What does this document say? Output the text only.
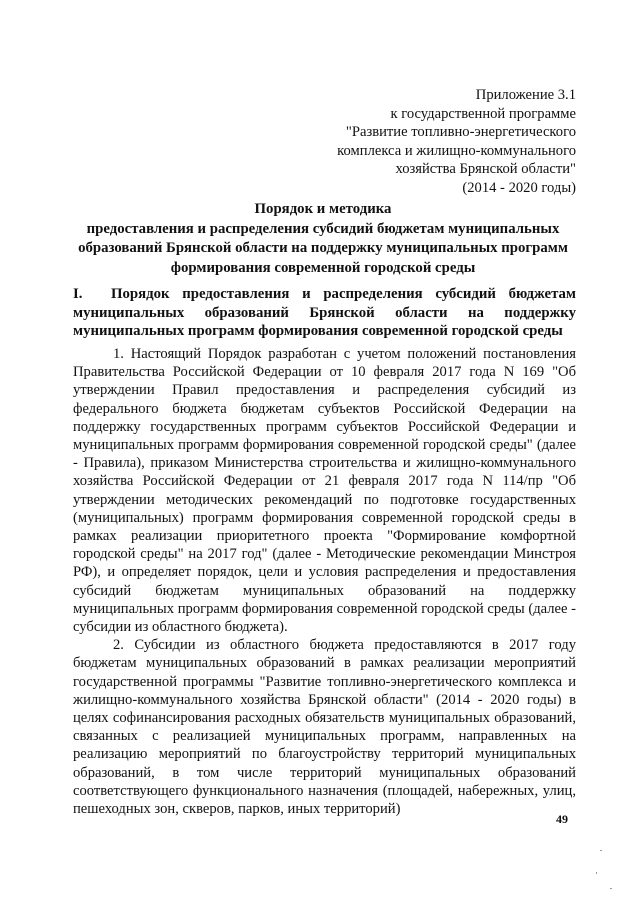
Приложение 3.1
к государственной программе
"Развитие топливно-энергетического
комплекса и жилищно-коммунального
хозяйства Брянской области"
(2014 - 2020 годы)
Порядок и методика
предоставления и распределения субсидий бюджетам муниципальных
образований Брянской области на поддержку муниципальных программ
формирования современной городской среды
I. Порядок предоставления и распределения субсидий бюджетам муниципальных образований Брянской области на поддержку муниципальных программ формирования современной городской среды

1. Настоящий Порядок разработан с учетом положений постановления Правительства Российской Федерации от 10 февраля 2017 года N 169 "Об утверждении Правил предоставления и распределения субсидий из федерального бюджета бюджетам субъектов Российской Федерации на поддержку государственных программ субъектов Российской Федерации и муниципальных программ формирования современной городской среды" (далее - Правила), приказом Министерства строительства и жилищно-коммунального хозяйства Российской Федерации от 21 февраля 2017 года N 114/пр "Об утверждении методических рекомендаций по подготовке государственных (муниципальных) программ формирования современной городской среды в рамках реализации приоритетного проекта "Формирование комфортной городской среды" на 2017 год" (далее - Методические рекомендации Минстроя РФ), и определяет порядок, цели и условия распределения и предоставления субсидий бюджетам муниципальных образований на поддержку муниципальных программ формирования современной городской среды (далее - субсидии из областного бюджета).

2. Субсидии из областного бюджета предоставляются в 2017 году бюджетам муниципальных образований в рамках реализации мероприятий государственной программы "Развитие топливно-энергетического комплекса и жилищно-коммунального хозяйства Брянской области" (2014 - 2020 годы) в целях софинансирования расходных обязательств муниципальных образований, связанных с реализацией муниципальных программ, направленных на реализацию мероприятий по благоустройству территорий муниципальных образований, в том числе территорий муниципальных образований соответствующего функционального назначения (площадей, набережных, улиц, пешеходных зон, скверов, парков, иных территорий)

49
